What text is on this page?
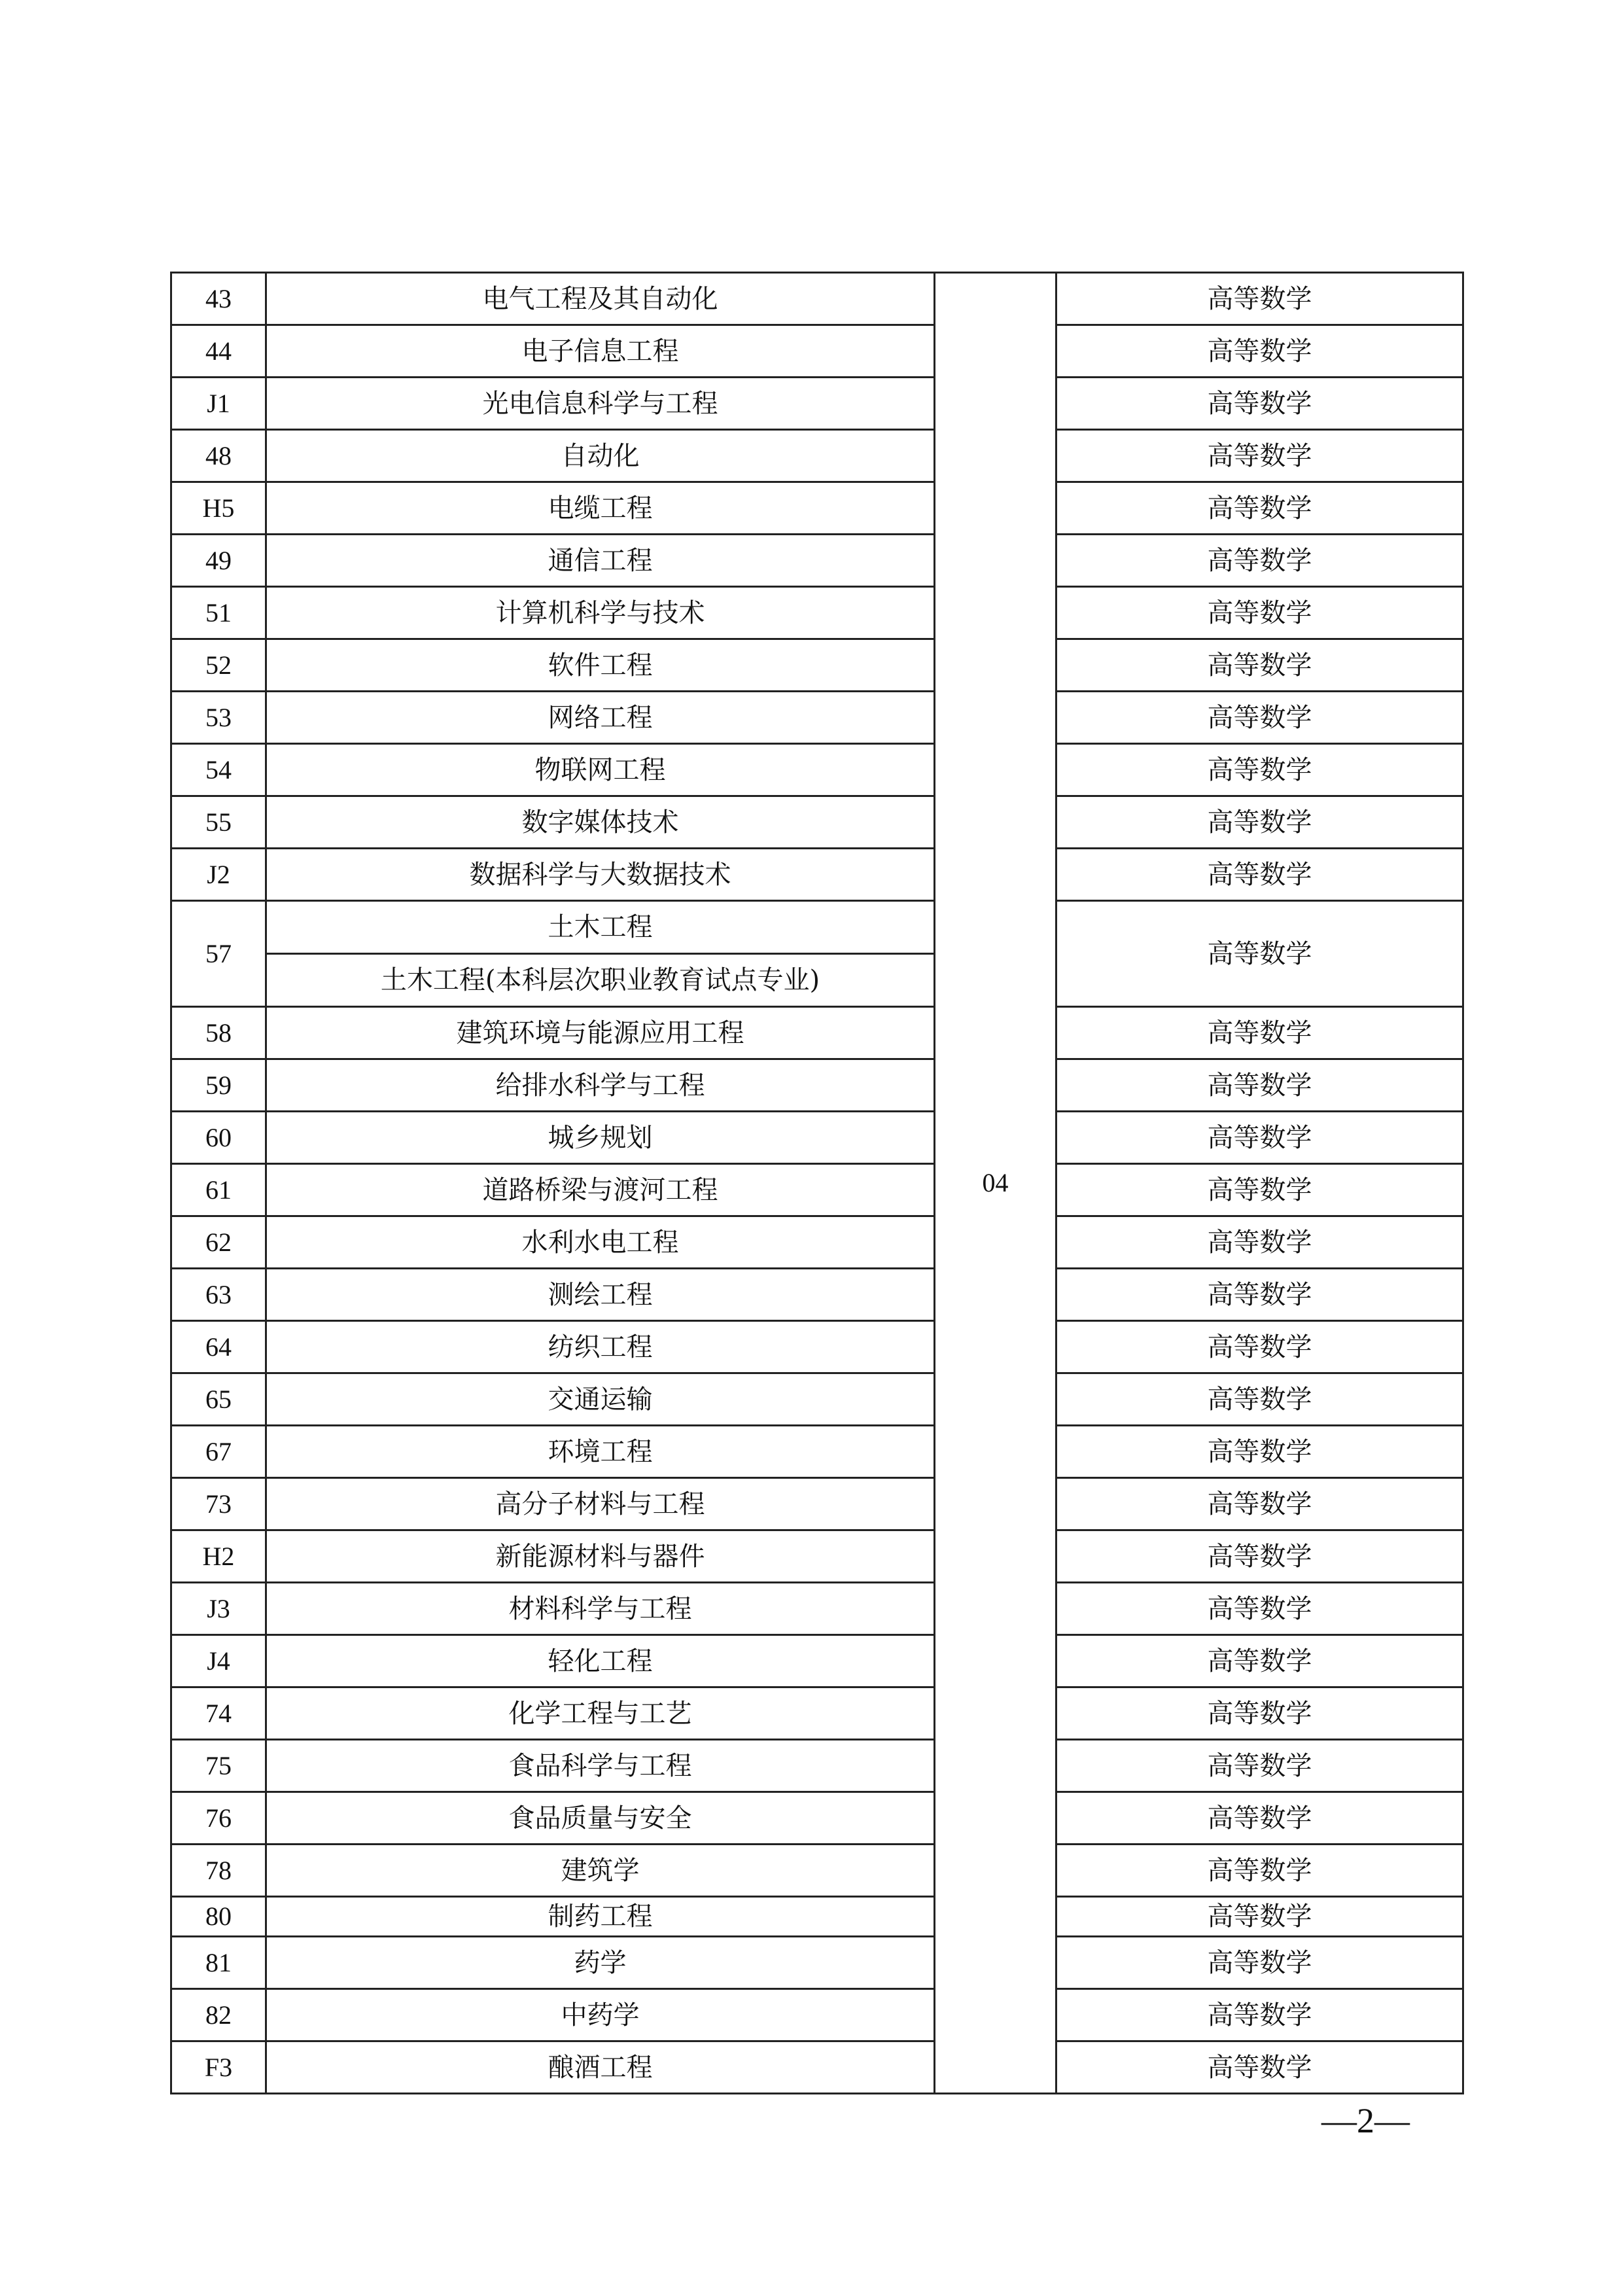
43	电气工程及其自动化	04	高等数学
44	电子信息工程		高等数学
J1	光电信息科学与工程		高等数学
48	自动化		高等数学
H5	电缆工程		高等数学
49	通信工程		高等数学
51	计算机科学与技术		高等数学
52	软件工程		高等数学
53	网络工程		高等数学
54	物联网工程		高等数学
55	数字媒体技术		高等数学
J2	数据科学与大数据技术		高等数学
57	土木工程		高等数学
	土木工程(本科层次职业教育试点专业)		
58	建筑环境与能源应用工程		高等数学
59	给排水科学与工程		高等数学
60	城乡规划		高等数学
61	道路桥梁与渡河工程		高等数学
62	水利水电工程		高等数学
63	测绘工程		高等数学
64	纺织工程		高等数学
65	交通运输		高等数学
67	环境工程		高等数学
73	高分子材料与工程		高等数学
H2	新能源材料与器件		高等数学
J3	材料科学与工程		高等数学
J4	轻化工程		高等数学
74	化学工程与工艺		高等数学
75	食品科学与工程		高等数学
76	食品质量与安全		高等数学
78	建筑学		高等数学
80	制药工程		高等数学
81	药学		高等数学
82	中药学		高等数学
F3	酿酒工程		高等数学
—2—
